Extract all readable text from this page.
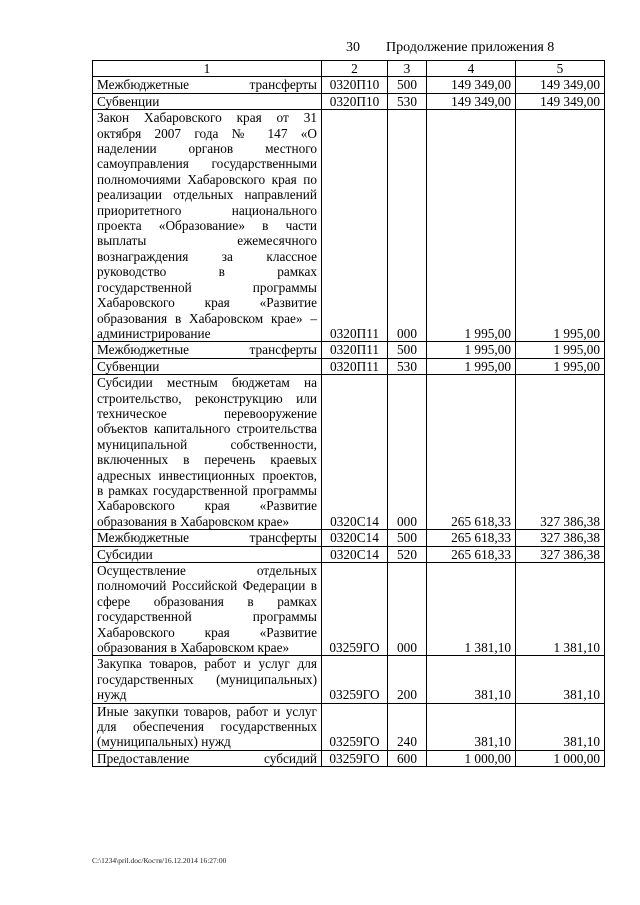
30 Продолжение приложения 8
1	2	3	4	5
Межбюджетные трансферты	0320П10	500	149 349,00	149 349,00
Субвенции	0320П10	530	149 349,00	149 349,00
Закон Хабаровского края от 31 октября 2007 года № 147 «О наделении органов местного самоуправления государственными полномочиями Хабаровского края по реализации отдельных направлений приоритетного национального проекта «Образование» в части выплаты ежемесячного вознаграждения за классное руководство в рамках государственной программы Хабаровского края «Развитие образования в Хабаровском крае» – администрирование	0320П11	000	1 995,00	1 995,00
Межбюджетные трансферты	0320П11	500	1 995,00	1 995,00
Субвенции	0320П11	530	1 995,00	1 995,00
Субсидии местным бюджетам на строительство, реконструкцию или техническое перевооружение объектов капитального строительства муниципальной собственности, включенных в перечень краевых адресных инвестиционных проектов, в рамках государственной программы Хабаровского края «Развитие образования в Хабаровском крае»	0320С14	000	265 618,33	327 386,38
Межбюджетные трансферты	0320С14	500	265 618,33	327 386,38
Субсидии	0320С14	520	265 618,33	327 386,38
Осуществление отдельных полномочий Российской Федерации в сфере образования в рамках государственной программы Хабаровского края «Развитие образования в Хабаровском крае»	03259ГО	000	1 381,10	1 381,10
Закупка товаров, работ и услуг для государственных (муниципальных) нужд	03259ГО	200	381,10	381,10
Иные закупки товаров, работ и услуг для обеспечения государственных (муниципальных) нужд	03259ГО	240	381,10	381,10
Предоставление субсидий	03259ГО	600	1 000,00	1 000,00
C:\1234\pril.doc/Костя/16.12.2014 16:27:00
